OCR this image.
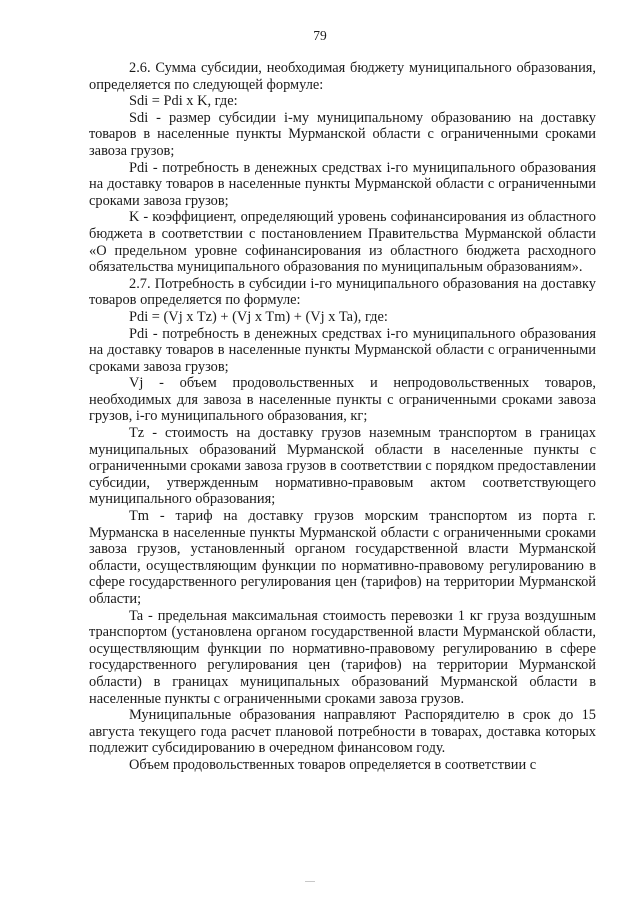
79

2.6. Сумма субсидии, необходимая бюджету муниципального образования, определяется по следующей формуле:

Sdi = Pdi x K, где:

Sdi - размер субсидии i-му муниципальному образованию на доставку товаров в населенные пункты Мурманской области с ограниченными сроками завоза грузов;

Pdi - потребность в денежных средствах i-го муниципального образования на доставку товаров в населенные пункты Мурманской области с ограниченными сроками завоза грузов;

K - коэффициент, определяющий уровень софинансирования из областного бюджета в соответствии с постановлением Правительства Мурманской области «О предельном уровне софинансирования из областного бюджета расходного обязательства муниципального образования по муниципальным образованиям».

2.7. Потребность в субсидии i-го муниципального образования на доставку товаров определяется по формуле:

Pdi = (Vj x Tz) + (Vj x Tm) + (Vj x Ta), где:

Pdi - потребность в денежных средствах i-го муниципального образования на доставку товаров в населенные пункты Мурманской области с ограниченными сроками завоза грузов;

Vj - объем продовольственных и непродовольственных товаров, необходимых для завоза в населенные пункты с ограниченными сроками завоза грузов, i-го муниципального образования, кг;

Tz - стоимость на доставку грузов наземным транспортом в границах муниципальных образований Мурманской области в населенные пункты с ограниченными сроками завоза грузов в соответствии с порядком предоставлении субсидии, утвержденным нормативно-правовым актом соответствующего муниципального образования;

Tm - тариф на доставку грузов морским транспортом из порта г. Мурманска в населенные пункты Мурманской области с ограниченными сроками завоза грузов, установленный органом государственной власти Мурманской области, осуществляющим функции по нормативно-правовому регулированию в сфере государственного регулирования цен (тарифов) на территории Мурманской области;

Ta - предельная максимальная стоимость перевозки 1 кг груза воздушным транспортом (установлена органом государственной власти Мурманской области, осуществляющим функции по нормативно-правовому регулированию в сфере государственного регулирования цен (тарифов) на территории Мурманской области) в границах муниципальных образований Мурманской области в населенные пункты с ограниченными сроками завоза грузов.

Муниципальные образования направляют Распорядителю в срок до 15 августа текущего года расчет плановой потребности в товарах, доставка которых подлежит субсидированию в очередном финансовом году.

Объем продовольственных товаров определяется в соответствии с
